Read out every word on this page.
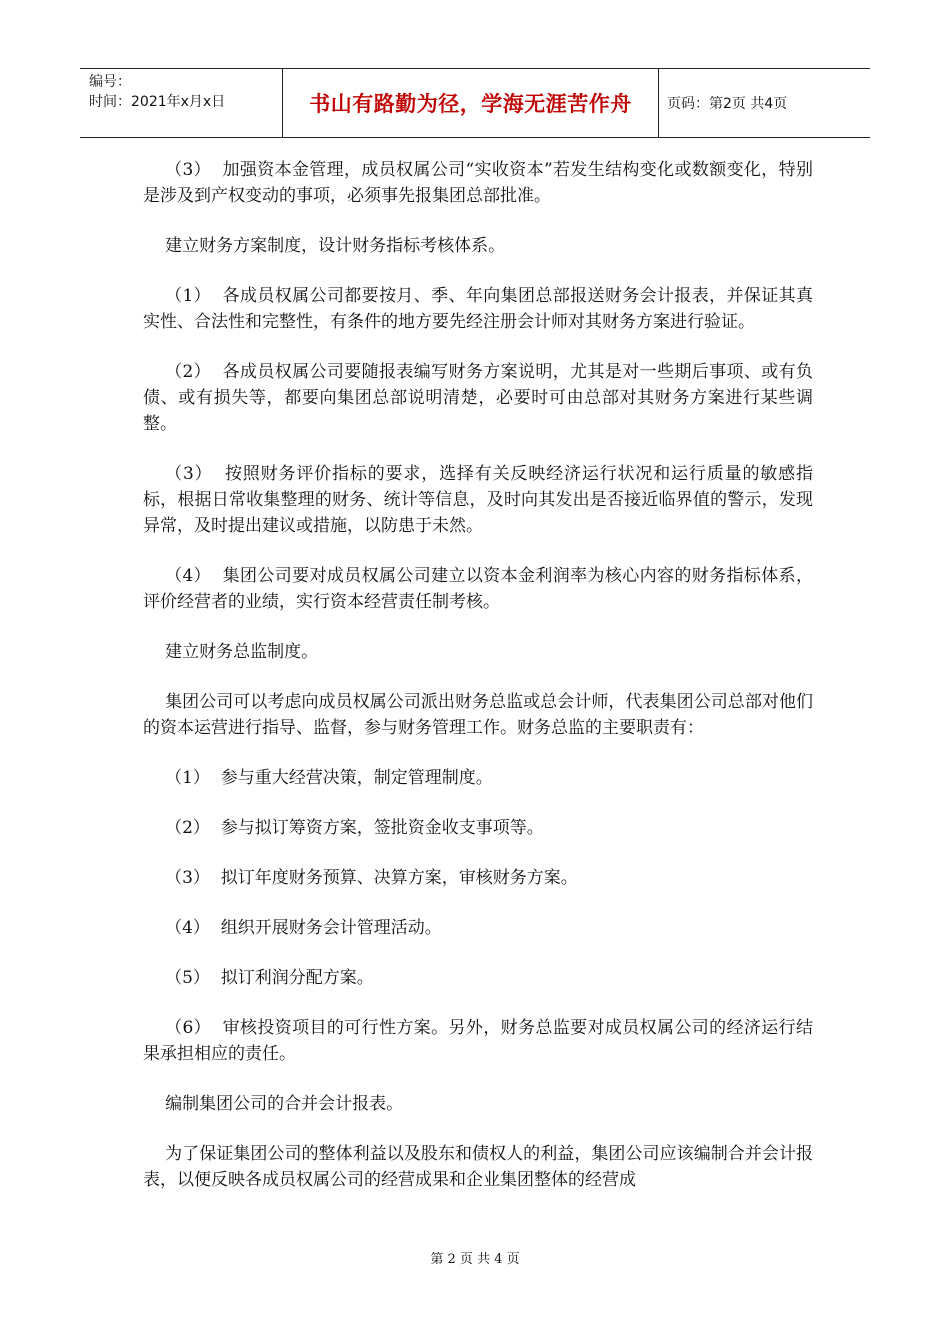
编号：
时间：2021年x月x日	书山有路勤为径，学海无涯苦作舟	页码：第2页 共4页

（3）  加强资本金管理，成员权属公司“实收资本”若发生结构变化或数额变化，特别是涉及到产权变动的事项，必须事先报集团总部批准。

建立财务方案制度，设计财务指标考核体系。

（1）  各成员权属公司都要按月、季、年向集团总部报送财务会计报表，并保证其真实性、合法性和完整性，有条件的地方要先经注册会计师对其财务方案进行验证。

（2）  各成员权属公司要随报表编写财务方案说明，尤其是对一些期后事项、或有负债、或有损失等，都要向集团总部说明清楚，必要时可由总部对其财务方案进行某些调整。

（3）  按照财务评价指标的要求，选择有关反映经济运行状况和运行质量的敏感指标，根据日常收集整理的财务、统计等信息，及时向其发出是否接近临界值的警示，发现异常，及时提出建议或措施，以防患于未然。

（4）  集团公司要对成员权属公司建立以资本金利润率为核心内容的财务指标体系，评价经营者的业绩，实行资本经营责任制考核。

建立财务总监制度。

集团公司可以考虑向成员权属公司派出财务总监或总会计师，代表集团公司总部对他们的资本运营进行指导、监督，参与财务管理工作。财务总监的主要职责有：

（1）  参与重大经营决策，制定管理制度。

（2）  参与拟订筹资方案，签批资金收支事项等。

（3）  拟订年度财务预算、决算方案，审核财务方案。

（4）  组织开展财务会计管理活动。

（5）  拟订利润分配方案。

（6）  审核投资项目的可行性方案。另外，财务总监要对成员权属公司的经济运行结果承担相应的责任。

编制集团公司的合并会计报表。

为了保证集团公司的整体利益以及股东和债权人的利益，集团公司应该编制合并会计报表，以便反映各成员权属公司的经营成果和企业集团整体的经营成

第 2 页 共 4 页
